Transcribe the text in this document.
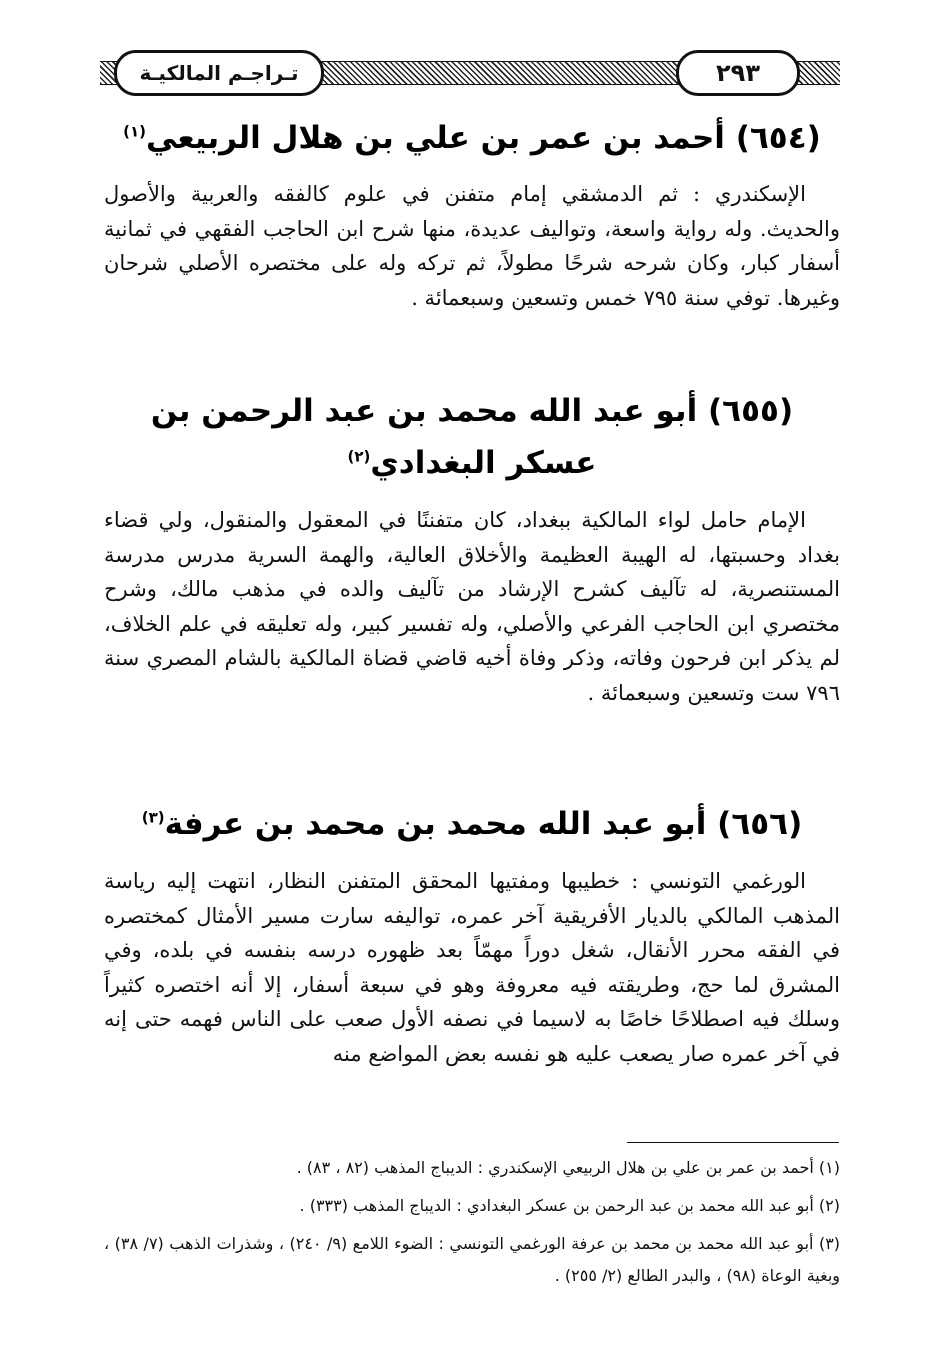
٢٩٣
تـراجـم المالكيـة
(٦٥٤) أحمد بن عمر بن علي بن هلال الربيعي$^{(١)}$

الإسكندري : ثم الدمشقي إمام متفنن في علوم كالفقه والعربية والأصول والحديث. وله رواية واسعة، وتواليف عديدة، منها شرح ابن الحاجب الفقهي في ثمانية أسفار كبار، وكان شرحه شرحًا مطولاً، ثم تركه وله على مختصره الأصلي شرحان وغيرها. توفي سنة ٧٩٥ خمس وتسعين وسبعمائة .

(٦٥٥) أبو عبد الله محمد بن عبد الرحمن بن عسكر البغدادي$^{(٢)}$

الإمام حامل لواء المالكية ببغداد، كان متفننًا في المعقول والمنقول، ولي قضاء بغداد وحسبتها، له الهيبة العظيمة والأخلاق العالية، والهمة السرية مدرس مدرسة المستنصرية، له تآليف كشرح الإرشاد من تآليف والده في مذهب مالك، وشرح مختصري ابن الحاجب الفرعي والأصلي، وله تفسير كبير، وله تعليقه في علم الخلاف، لم يذكر ابن فرحون وفاته، وذكر وفاة أخيه قاضي قضاة المالكية بالشام المصري سنة ٧٩٦ ست وتسعين وسبعمائة .

(٦٥٦) أبو عبد الله محمد بن محمد بن عرفة$^{(٣)}$

الورغمي التونسي : خطيبها ومفتيها المحقق المتفنن النظار، انتهت إليه رياسة المذهب المالكي بالديار الأفريقية آخر عمره، تواليفه سارت مسير الأمثال كمختصره في الفقه محرر الأنقال، شغل دوراً مهمّاً بعد ظهوره درسه بنفسه في بلده، وفي المشرق لما حج، وطريقته فيه معروفة وهو في سبعة أسفار، إلا أنه اختصره كثيراً وسلك فيه اصطلاحًا خاصًا به لاسيما في نصفه الأول صعب على الناس فهمه حتى إنه في آخر عمره صار يصعب عليه هو نفسه بعض المواضع منه

(١) أحمد بن عمر بن علي بن هلال الربيعي الإسكندري : الديباج المذهب (٨٢ ، ٨٣) .

(٢) أبو عبد الله محمد بن عبد الرحمن بن عسكر البغدادي : الديباج المذهب (٣٣٣) .

(٣) أبو عبد الله محمد بن محمد بن عرفة الورغمي التونسي : الضوء اللامع (٩/ ٢٤٠) ، وشذرات الذهب (٧/ ٣٨) ، وبغية الوعاة (٩٨) ، والبدر الطالع (٢/ ٢٥٥) .
